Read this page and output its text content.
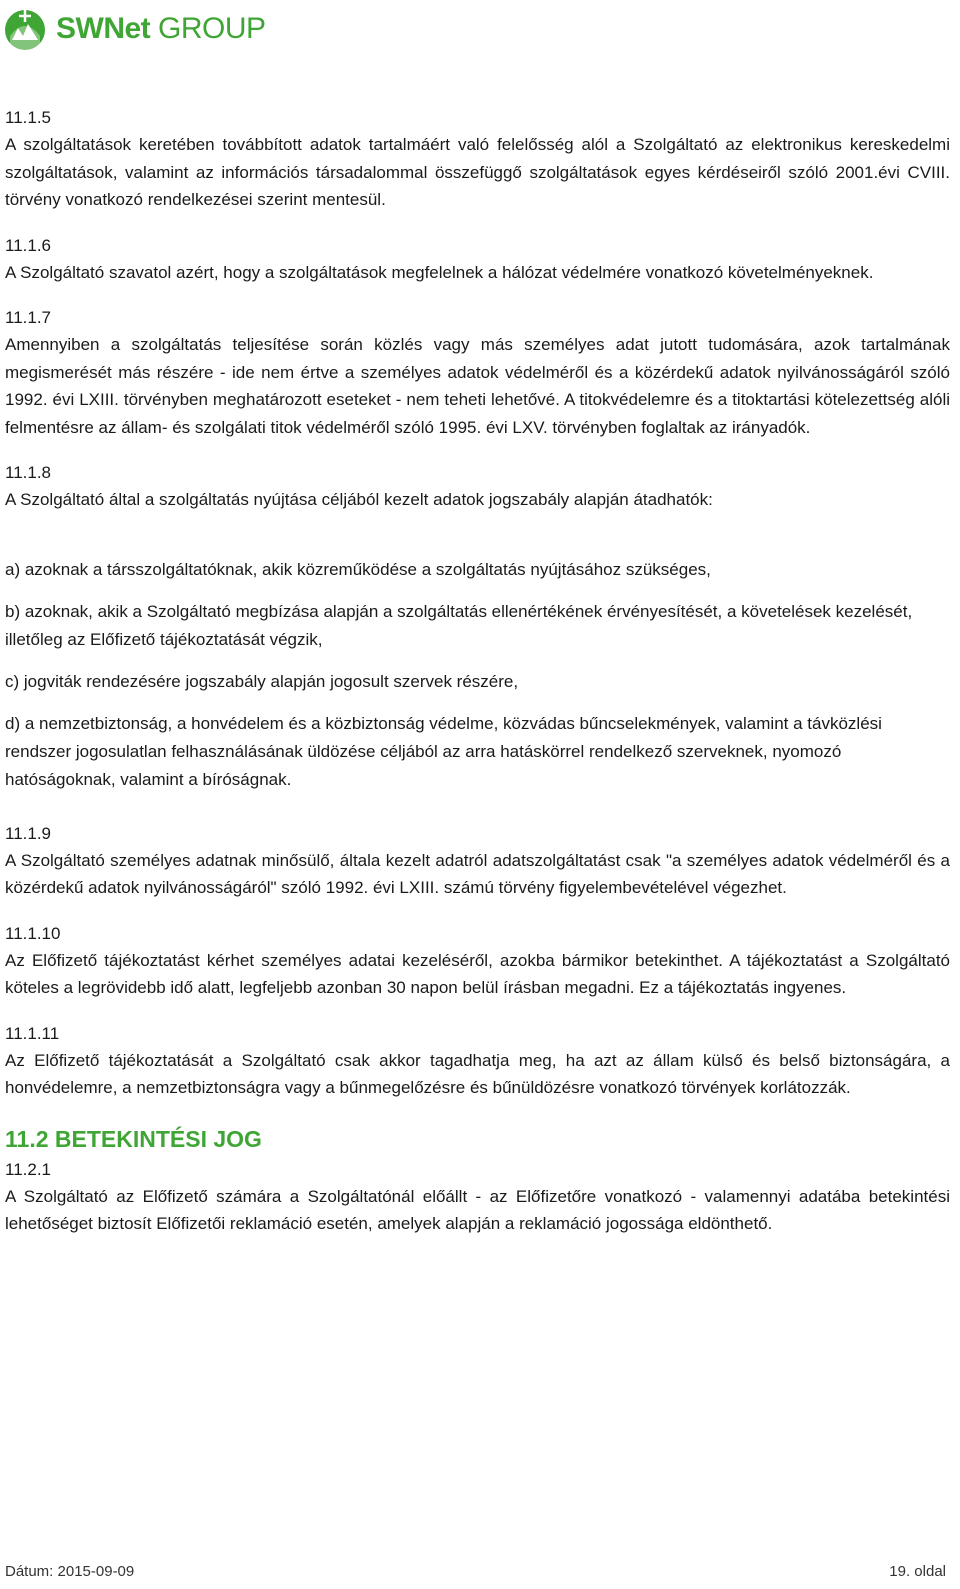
SWNet GROUP

11.1.5

A szolgáltatások keretében továbbított adatok tartalmáért való felelősség alól a Szolgáltató az elektronikus kereskedelmi szolgáltatások, valamint az információs társadalommal összefüggő szolgáltatások egyes kérdéseiről szóló 2001.évi CVIII. törvény vonatkozó rendelkezései szerint mentesül.

11.1.6

A Szolgáltató szavatol azért, hogy a szolgáltatások megfelelnek a hálózat védelmére vonatkozó követelményeknek.

11.1.7

Amennyiben a szolgáltatás teljesítése során közlés vagy más személyes adat jutott tudomására, azok tartalmának megismerését más részére - ide nem értve a személyes adatok védelméről és a közérdekű adatok nyilvánosságáról szóló 1992. évi LXIII. törvényben meghatározott eseteket - nem teheti lehetővé. A titokvédelemre és a titoktartási kötelezettség alóli felmentésre az állam- és szolgálati titok védelméről szóló 1995. évi LXV. törvényben foglaltak az irányadók.

11.1.8

A Szolgáltató által a szolgáltatás nyújtása céljából kezelt adatok jogszabály alapján átadhatók:

a) azoknak a társszolgáltatóknak, akik közreműködése a szolgáltatás nyújtásához szükséges,

b) azoknak, akik a Szolgáltató megbízása alapján a szolgáltatás ellenértékének érvényesítését, a követelések kezelését, illetőleg az Előfizető tájékoztatását végzik,

c) jogviták rendezésére jogszabály alapján jogosult szervek részére,

d) a nemzetbiztonság, a honvédelem és a közbiztonság védelme, közvádas bűncselekmények, valamint a távközlési rendszer jogosulatlan felhasználásának üldözése céljából az arra hatáskörrel rendelkező szerveknek, nyomozó hatóságoknak, valamint a bíróságnak.

11.1.9

A Szolgáltató személyes adatnak minősülő, általa kezelt adatról adatszolgáltatást csak "a személyes adatok védelméről és a közérdekű adatok nyilvánosságáról" szóló 1992. évi LXIII. számú törvény figyelembevételével végezhet.

11.1.10

Az Előfizető tájékoztatást kérhet személyes adatai kezeléséről, azokba bármikor betekinthet. A tájékoztatást a Szolgáltató köteles a legrövidebb idő alatt, legfeljebb azonban 30 napon belül írásban megadni. Ez a tájékoztatás ingyenes.

11.1.11

Az Előfizető tájékoztatását a Szolgáltató csak akkor tagadhatja meg, ha azt az állam külső és belső biztonságára, a honvédelemre, a nemzetbiztonságra vagy a bűnmegelőzésre és bűnüldözésre vonatkozó törvények korlátozzák.

11.2 BETEKINTÉSI JOG

11.2.1

A Szolgáltató az Előfizető számára a Szolgáltatónál előállt - az Előfizetőre vonatkozó - valamennyi adatába betekintési lehetőséget biztosít Előfizetői reklamáció esetén, amelyek alapján a reklamáció jogossága eldönthető.

Dátum: 2015-09-09	19. oldal
